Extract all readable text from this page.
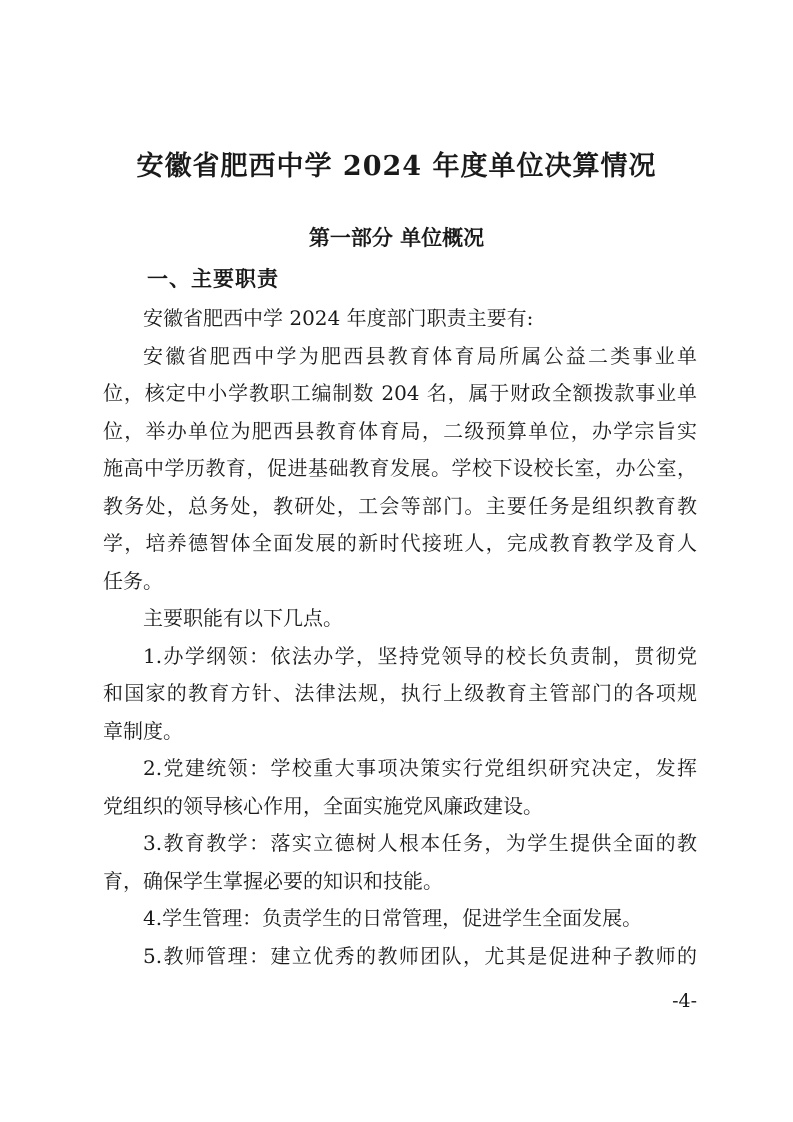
安徽省肥西中学 2024 年度单位决算情况
第一部分 单位概况
一、主要职责
安徽省肥西中学 2024 年度部门职责主要有:
安徽省肥西中学为肥西县教育体育局所属公益二类事业单
位，核定中小学教职工编制数 204 名，属于财政全额拨款事业单
位，举办单位为肥西县教育体育局，二级预算单位，办学宗旨实
施高中学历教育，促进基础教育发展。学校下设校长室，办公室，
教务处，总务处，教研处，工会等部门。主要任务是组织教育教
学，培养德智体全面发展的新时代接班人，完成教育教学及育人
任务。
主要职能有以下几点。
1.办学纲领：依法办学，坚持党领导的校长负责制，贯彻党
和国家的教育方针、法律法规，执行上级教育主管部门的各项规
章制度。
2.党建统领：学校重大事项决策实行党组织研究决定，发挥
党组织的领导核心作用，全面实施党风廉政建设。
3.教育教学：落实立德树人根本任务，为学生提供全面的教
育，确保学生掌握必要的知识和技能。
4.学生管理：负责学生的日常管理，促进学生全面发展。
5.教师管理：建立优秀的教师团队，尤其是促进种子教师的
-4-
